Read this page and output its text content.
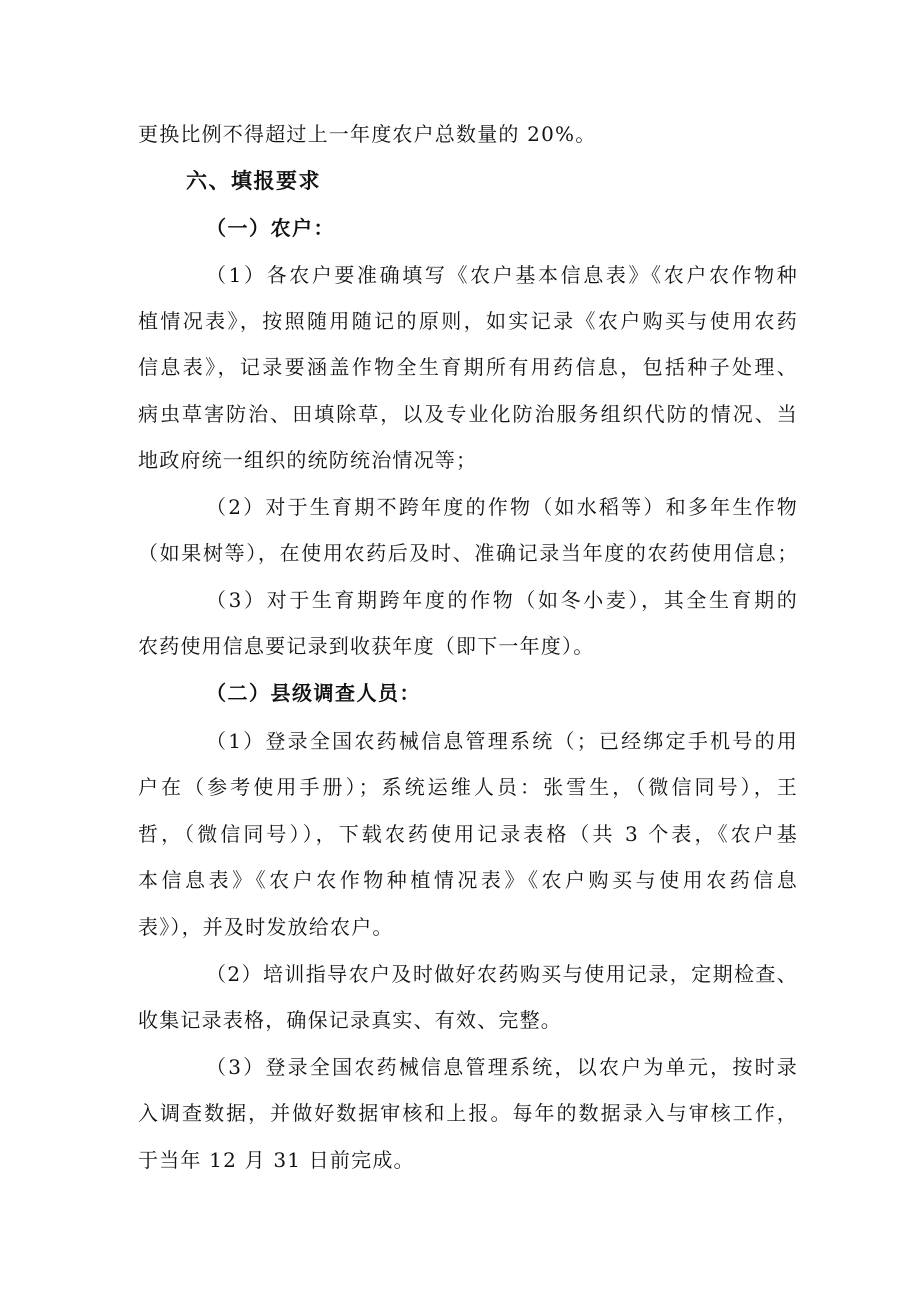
更换比例不得超过上一年度农户总数量的 20%。
六、填报要求
（一）农户：
（1）各农户要准确填写《农户基本信息表》《农户农作物种
植情况表》，按照随用随记的原则，如实记录《农户购买与使用农药
信息表》，记录要涵盖作物全生育期所有用药信息，包括种子处理、
病虫草害防治、田填除草，以及专业化防治服务组织代防的情况、当
地政府统一组织的统防统治情况等；
（2）对于生育期不跨年度的作物（如水稻等）和多年生作物
（如果树等），在使用农药后及时、准确记录当年度的农药使用信息；
（3）对于生育期跨年度的作物（如冬小麦），其全生育期的
农药使用信息要记录到收获年度（即下一年度）。
（二）县级调查人员：
（1）登录全国农药械信息管理系统（；已经绑定手机号的用
户在（参考使用手册）；系统运维人员：张雪生，（微信同号），王
哲，（微信同号）），下载农药使用记录表格（共 3 个表，《农户基
本信息表》《农户农作物种植情况表》《农户购买与使用农药信息
表》），并及时发放给农户。
（2）培训指导农户及时做好农药购买与使用记录，定期检查、
收集记录表格，确保记录真实、有效、完整。
（3）登录全国农药械信息管理系统，以农户为单元，按时录
入调查数据，并做好数据审核和上报。每年的数据录入与审核工作，
于当年 12 月 31 日前完成。
